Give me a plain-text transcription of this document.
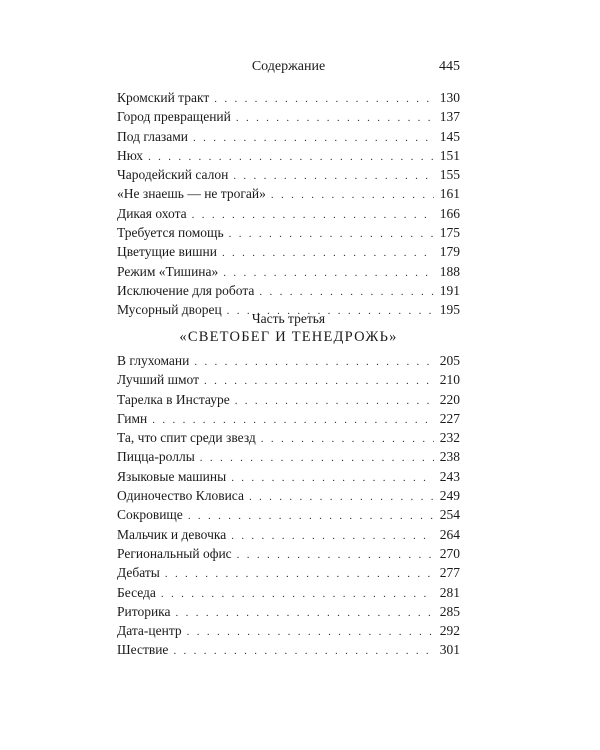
Содержание	445
Кромский тракт . . .	130
Город превращений . . .	137
Под глазами . . .	145
Нюх . . .	151
Чародейский салон . . .	155
«Не знаешь — не трогай» . . .	161
Дикая охота . . .	166
Требуется помощь . . .	175
Цветущие вишни . . .	179
Режим «Тишина» . . .	188
Исключение для робота . . .	191
Мусорный дворец . . .	195
Часть третья
«СВЕТОБЕГ И ТЕНЕДРОЖЬ»
В глухомани . . .	205
Лучший шмот . . .	210
Тарелка в Инстауре . . .	220
Гимн . . .	227
Та, что спит среди звезд . . .	232
Пицца-роллы . . .	238
Языковые машины . . .	243
Одиночество Кловиса . . .	249
Сокровище . . .	254
Мальчик и девочка . . .	264
Региональный офис . . .	270
Дебаты . . .	277
Беседа . . .	281
Риторика . . .	285
Дата-центр . . .	292
Шествие . . .	301
